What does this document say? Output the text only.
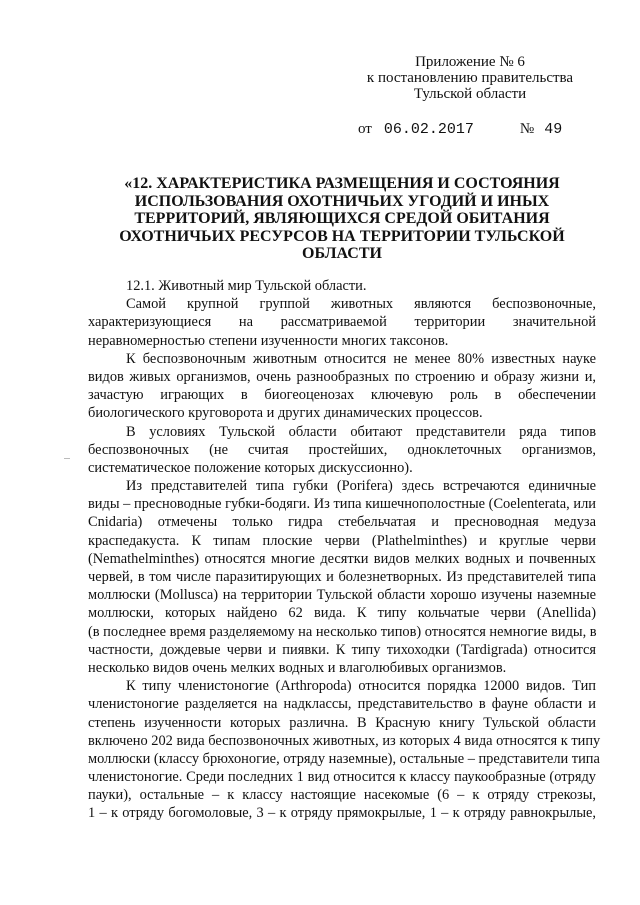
Приложение № 6
к постановлению правительства
Тульской области
от 06.02.2017	№ 49
«12. ХАРАКТЕРИСТИКА РАЗМЕЩЕНИЯ И СОСТОЯНИЯ
ИСПОЛЬЗОВАНИЯ ОХОТНИЧЬИХ УГОДИЙ И ИНЫХ
ТЕРРИТОРИЙ, ЯВЛЯЮЩИХСЯ СРЕДОЙ ОБИТАНИЯ
ОХОТНИЧЬИХ РЕСУРСОВ НА ТЕРРИТОРИИ ТУЛЬСКОЙ
ОБЛАСТИ
12.1. Животный мир Тульской области.
Самой крупной группой животных являются беспозвоночные,
характеризующиеся на рассматриваемой территории значительной
неравномерностью степени изученности многих таксонов.
К беспозвоночным животным относится не менее 80% известных науке
видов живых организмов, очень разнообразных по строению и образу жизни и,
зачастую играющих в биогеоценозах ключевую роль в обеспечении
биологического круговорота и других динамических процессов.
В условиях Тульской области обитают представители ряда типов
беспозвоночных (не считая простейших, одноклеточных организмов,
систематическое положение которых дискуссионно).
Из представителей типа губки (Porifera) здесь встречаются единичные
виды – пресноводные губки-бодяги. Из типа кишечнополостные (Coelenterata, или
Cnidaria) отмечены только гидра стебельчатая и пресноводная медуза
краспедакуста. К типам плоские черви (Plathelminthes) и круглые черви
(Nemathelminthes) относятся многие десятки видов мелких водных и почвенных
червей, в том числе паразитирующих и болезнетворных. Из представителей типа
моллюски (Mollusca) на территории Тульской области хорошо изучены наземные
моллюски, которых найдено 62 вида. К типу кольчатые черви (Anellida)
(в последнее время разделяемому на несколько типов) относятся немногие виды, в
частности, дождевые черви и пиявки. К типу тихоходки (Tardigrada) относится
несколько видов очень мелких водных и влаголюбивых организмов.
К типу членистоногие (Arthropoda) относится порядка 12000 видов. Тип
членистоногие разделяется на надклассы, представительство в фауне области и
степень изученности которых различна. В Красную книгу Тульской области
включено 202 вида беспозвоночных животных, из которых 4 вида относятся к типу
моллюски (классу брюхоногие, отряду наземные), остальные – представители типа
членистоногие. Среди последних 1 вид относится к классу паукообразные (отряду
пауки), остальные – к классу настоящие насекомые (6 – к отряду стрекозы,
1 – к отряду богомоловые, 3 – к отряду прямокрылые, 1 – к отряду равнокрылые,
